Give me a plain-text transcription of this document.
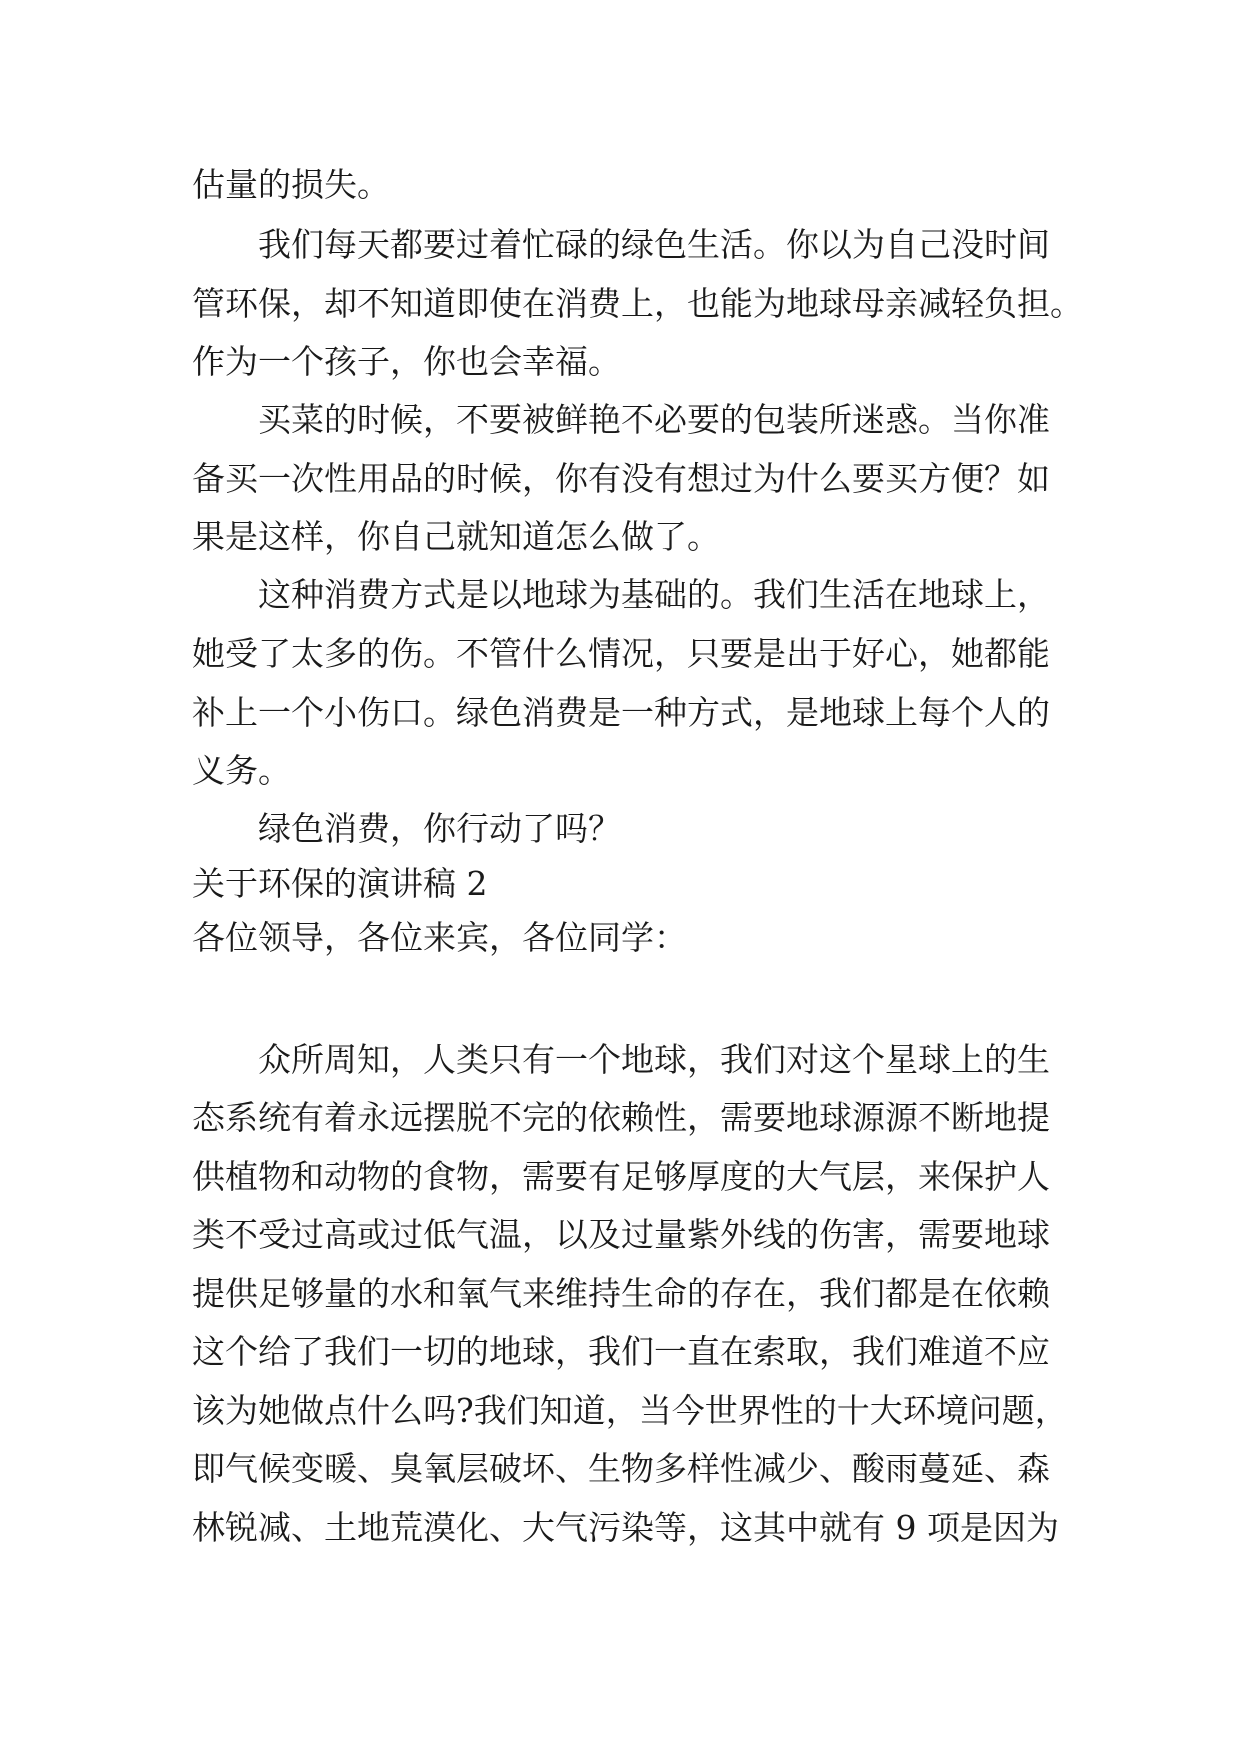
估量的损失。
我们每天都要过着忙碌的绿色生活。你以为自己没时间
管环保，却不知道即使在消费上，也能为地球母亲减轻负担。
作为一个孩子，你也会幸福。
买菜的时候，不要被鲜艳不必要的包装所迷惑。当你准
备买一次性用品的时候，你有没有想过为什么要买方便？如
果是这样，你自己就知道怎么做了。
这种消费方式是以地球为基础的。我们生活在地球上，
她受了太多的伤。不管什么情况，只要是出于好心，她都能
补上一个小伤口。绿色消费是一种方式，是地球上每个人的
义务。
绿色消费，你行动了吗？
关于环保的演讲稿 2
各位领导，各位来宾，各位同学：
众所周知，人类只有一个地球，我们对这个星球上的生
态系统有着永远摆脱不完的依赖性，需要地球源源不断地提
供植物和动物的食物，需要有足够厚度的大气层，来保护人
类不受过高或过低气温，以及过量紫外线的伤害，需要地球
提供足够量的水和氧气来维持生命的存在，我们都是在依赖
这个给了我们一切的地球，我们一直在索取，我们难道不应
该为她做点什么吗?我们知道，当今世界性的十大环境问题，
即气候变暖、臭氧层破坏、生物多样性减少、酸雨蔓延、森
林锐减、土地荒漠化、大气污染等，这其中就有 9 项是因为
